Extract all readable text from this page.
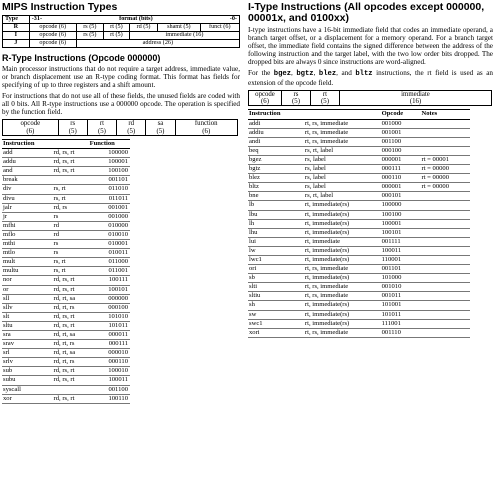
MIPS Instruction Types
Type	-31- format (bits) -0-					

R	opcode (6)	rs (5)	rt (5)	rd (5)	shamt (5)	funct (6)
I	opcode (6)	rs (5)	rt (5)	immediate (16)		
J	opcode (6)	address (26)				
R-Type Instructions (Opcode 000000)

Main processor instructions that do not require a target address, immediate value, or branch displacement use an R-type coding format. This format has fields for specifying of up to three registers and a shift amount.

For instructions that do not use all of these fields, the unused fields are coded with all 0 bits. All R-type instructions use a 000000 opcode. The operation is specified by the function field.

opcode
(6)	rs
(5)	rt
(5)	rd
(5)	sa
(5)	function
(6)
Instruction		Function
add	rd, rs, rt	100000
addu	rd, rs, rt	100001
and	rd, rs, rt	100100
break		001101
div	rs, rt	011010
divu	rs, rt	011011
jalr	rd, rs	001001
jr	rs	001000
mfhi	rd	010000
mflo	rd	010010
mthi	rs	010001
mtlo	rs	010011
mult	rs, rt	011000
multu	rs, rt	011001
nor	rd, rs, rt	100111
or	rd, rs, rt	100101
sll	rd, rt, sa	000000
sllv	rd, rt, rs	000100
slt	rd, rs, rt	101010
sltu	rd, rs, rt	101011
sra	rd, rt, sa	000011
srav	rd, rt, rs	000111
srl	rd, rt, sa	000010
srlv	rd, rt, rs	000110
sub	rd, rs, rt	100010
subu	rd, rs, rt	100011
syscall		001100
xor	rd, rs, rt	100110
I-Type Instructions (All opcodes except 000000, 00001x, and 0100xx)

I-type instructions have a 16-bit immediate field that codes an immediate operand, a branch target offset, or a displacement for a memory operand. For a branch target offset, the immediate field contains the signed difference between the address of the following instruction and the target label, with the two low order bits dropped. The dropped bits are always 0 since instructions are word-aligned.

For the bgez, bgtz, blez, and bltz instructions, the rt field is used as an extension of the opcode field.

opcode
(6)	rs
(5)	rt
(5)	immediate
(16)
Instruction		Opcode	Notes
addi	rt, rs, immediate	001000	
addiu	rt, rs, immediate	001001	
andi	rt, rs, immediate	001100	
beq	rs, rt, label	000100	
bgez	rs, label	000001	rt = 00001
bgtz	rs, label	000111	rt = 00000
blez	rs, label	000110	rt = 00000
bltz	rs, label	000001	rt = 00000
bne	rs, rt, label	000101	
lb	rt, immediate(rs)	100000	
lbu	rt, immediate(rs)	100100	
lh	rt, immediate(rs)	100001	
lhu	rt, immediate(rs)	100101	
lui	rt, immediate	001111	
lw	rt, immediate(rs)	100011	
lwc1	rt, immediate(rs)	110001	
ori	rt, rs, immediate	001101	
sb	rt, immediate(rs)	101000	
slti	rt, rs, immediate	001010	
sltiu	rt, rs, immediate	001011	
sh	rt, immediate(rs)	101001	
sw	rt, immediate(rs)	101011	
swc1	rt, immediate(rs)	111001	
xori	rt, rs, immediate	001110	
